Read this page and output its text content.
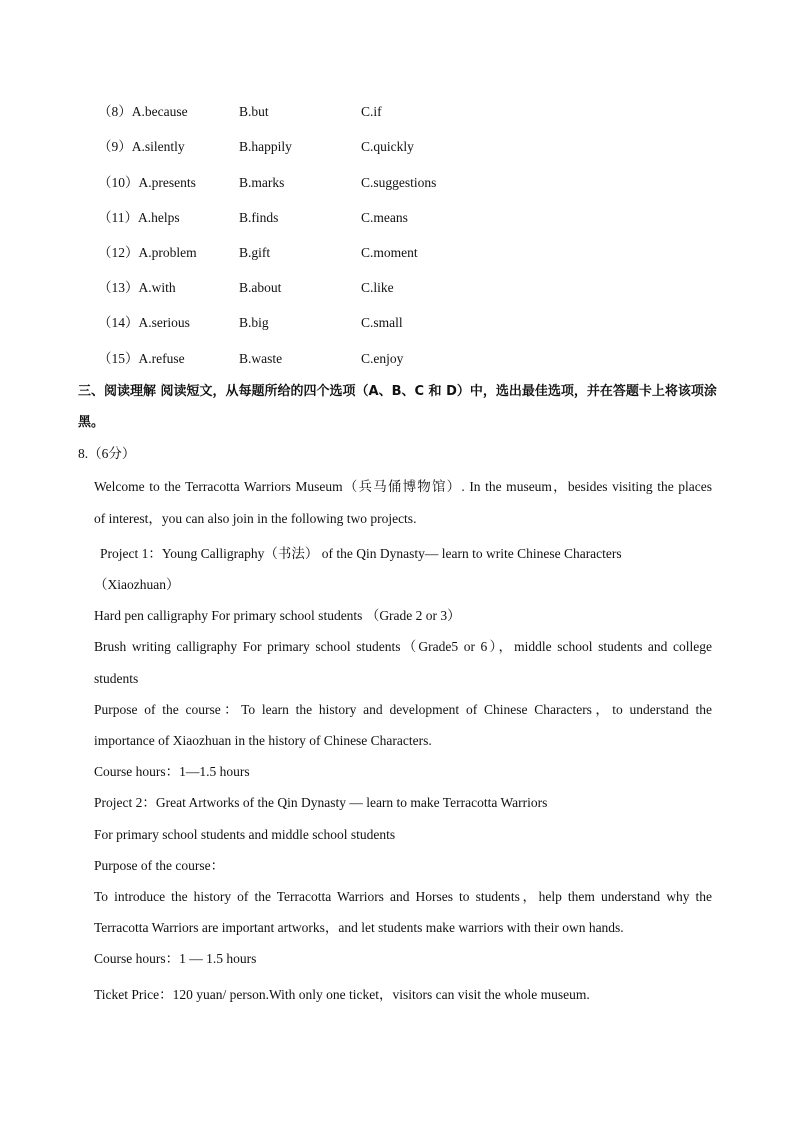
（8）A.because	B.but	C.if
（9）A.silently	B.happily	C.quickly
（10）A.presents	B.marks	C.suggestions
（11）A.helps	B.finds	C.means
（12）A.problem	B.gift	C.moment
（13）A.with	B.about	C.like
（14）A.serious	B.big	C.small
（15）A.refuse	B.waste	C.enjoy
三、阅读理解 阅读短文，从每题所给的四个选项（A、B、C 和 D）中，选出最佳选项，并在答题卡上将该项涂黑。
8.（6分）
Welcome to the Terracotta Warriors Museum（兵马俑博物馆）. In the museum，besides visiting the places
of interest，you can also join in the following two projects.
Project 1：Young Calligraphy（书法） of the Qin Dynasty— learn to write Chinese Characters
（Xiaozhuan）
Hard pen calligraphy For primary school students （Grade 2 or 3）
Brush writing calligraphy For primary school students（Grade5 or 6），middle school students and college
students
Purpose of the course：To learn the history and development of Chinese Characters，to understand the
importance of Xiaozhuan in the history of Chinese Characters.
Course hours：1—1.5 hours
Project 2：Great Artworks of the Qin Dynasty — learn to make Terracotta Warriors
For primary school students and middle school students
Purpose of the course：
To introduce the history of the Terracotta Warriors and Horses to students，help them understand why the
Terracotta Warriors are important artworks，and let students make warriors with their own hands.
Course hours：1 — 1.5 hours
Ticket Price：120 yuan/ person.With only one ticket，visitors can visit the whole museum.
